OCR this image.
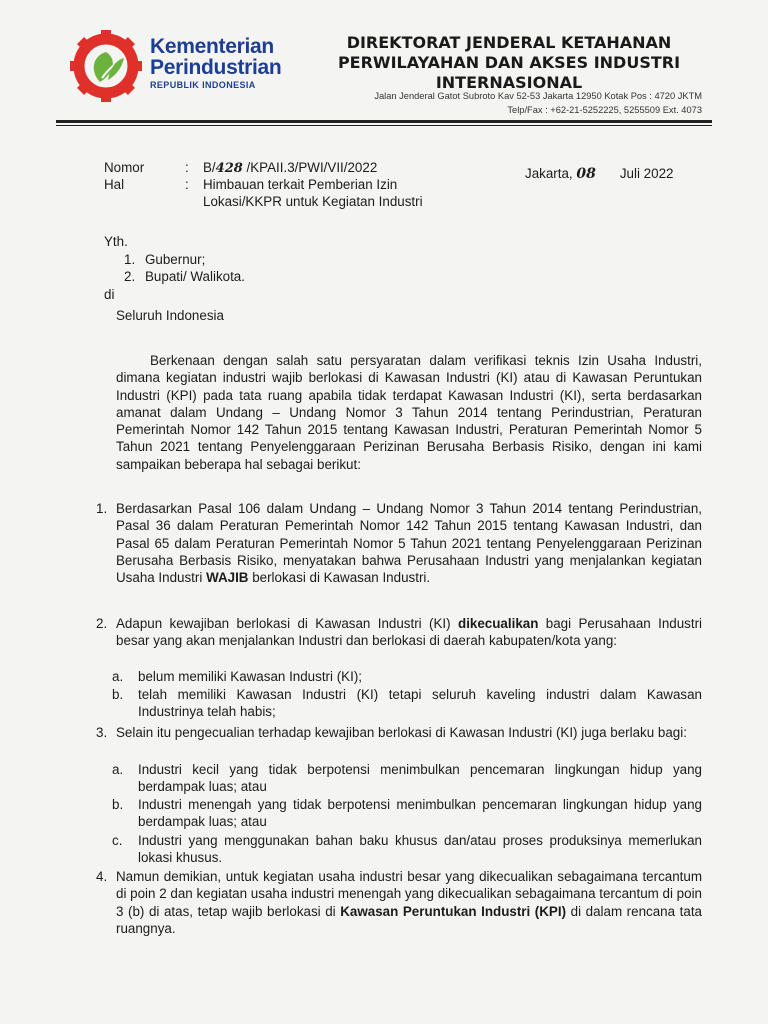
Kementerian
Perindustrian
REPUBLIK INDONESIA
DIREKTORAT JENDERAL KETAHANAN
PERWILAYAHAN DAN AKSES INDUSTRI
INTERNASIONAL
Jalan Jenderal Gatot Subroto Kav 52-53 Jakarta 12950 Kotak Pos : 4720 JKTM
Telp/Fax : +62-21-5252225, 5255509 Ext. 4073
Nomor	: B/428 /KPAII.3/PWI/VII/2022	Jakarta, 08 Juli 2022
Hal	: Himbauan terkait Pemberian Izin
Lokasi/KKPR untuk Kegiatan Industri
Yth.
1. Gubernur;
2. Bupati/ Walikota.
di
Seluruh Indonesia
Berkenaan dengan salah satu persyaratan dalam verifikasi teknis Izin Usaha Industri, dimana kegiatan industri wajib berlokasi di Kawasan Industri (KI) atau di Kawasan Peruntukan Industri (KPI) pada tata ruang apabila tidak terdapat Kawasan Industri (KI), serta berdasarkan amanat dalam Undang – Undang Nomor 3 Tahun 2014 tentang Perindustrian, Peraturan Pemerintah Nomor 142 Tahun 2015 tentang Kawasan Industri, Peraturan Pemerintah Nomor 5 Tahun 2021 tentang Penyelenggaraan Perizinan Berusaha Berbasis Risiko, dengan ini kami sampaikan beberapa hal sebagai berikut:
1. Berdasarkan Pasal 106 dalam Undang – Undang Nomor 3 Tahun 2014 tentang Perindustrian, Pasal 36 dalam Peraturan Pemerintah Nomor 142 Tahun 2015 tentang Kawasan Industri, dan Pasal 65 dalam Peraturan Pemerintah Nomor 5 Tahun 2021 tentang Penyelenggaraan Perizinan Berusaha Berbasis Risiko, menyatakan bahwa Perusahaan Industri yang menjalankan kegiatan Usaha Industri WAJIB berlokasi di Kawasan Industri.
2. Adapun kewajiban berlokasi di Kawasan Industri (KI) dikecualikan bagi Perusahaan Industri besar yang akan menjalankan Industri dan berlokasi di daerah kabupaten/kota yang:
a. belum memiliki Kawasan Industri (KI);
b. telah memiliki Kawasan Industri (KI) tetapi seluruh kaveling industri dalam Kawasan Industrinya telah habis;
3. Selain itu pengecualian terhadap kewajiban berlokasi di Kawasan Industri (KI) juga berlaku bagi:
a. Industri kecil yang tidak berpotensi menimbulkan pencemaran lingkungan hidup yang berdampak luas; atau
b. Industri menengah yang tidak berpotensi menimbulkan pencemaran lingkungan hidup yang berdampak luas; atau
c. Industri yang menggunakan bahan baku khusus dan/atau proses produksinya memerlukan lokasi khusus.
4. Namun demikian, untuk kegiatan usaha industri besar yang dikecualikan sebagaimana tercantum di poin 2 dan kegiatan usaha industri menengah yang dikecualikan sebagaimana tercantum di poin 3 (b) di atas, tetap wajib berlokasi di Kawasan Peruntukan Industri (KPI) di dalam rencana tata ruangnya.
